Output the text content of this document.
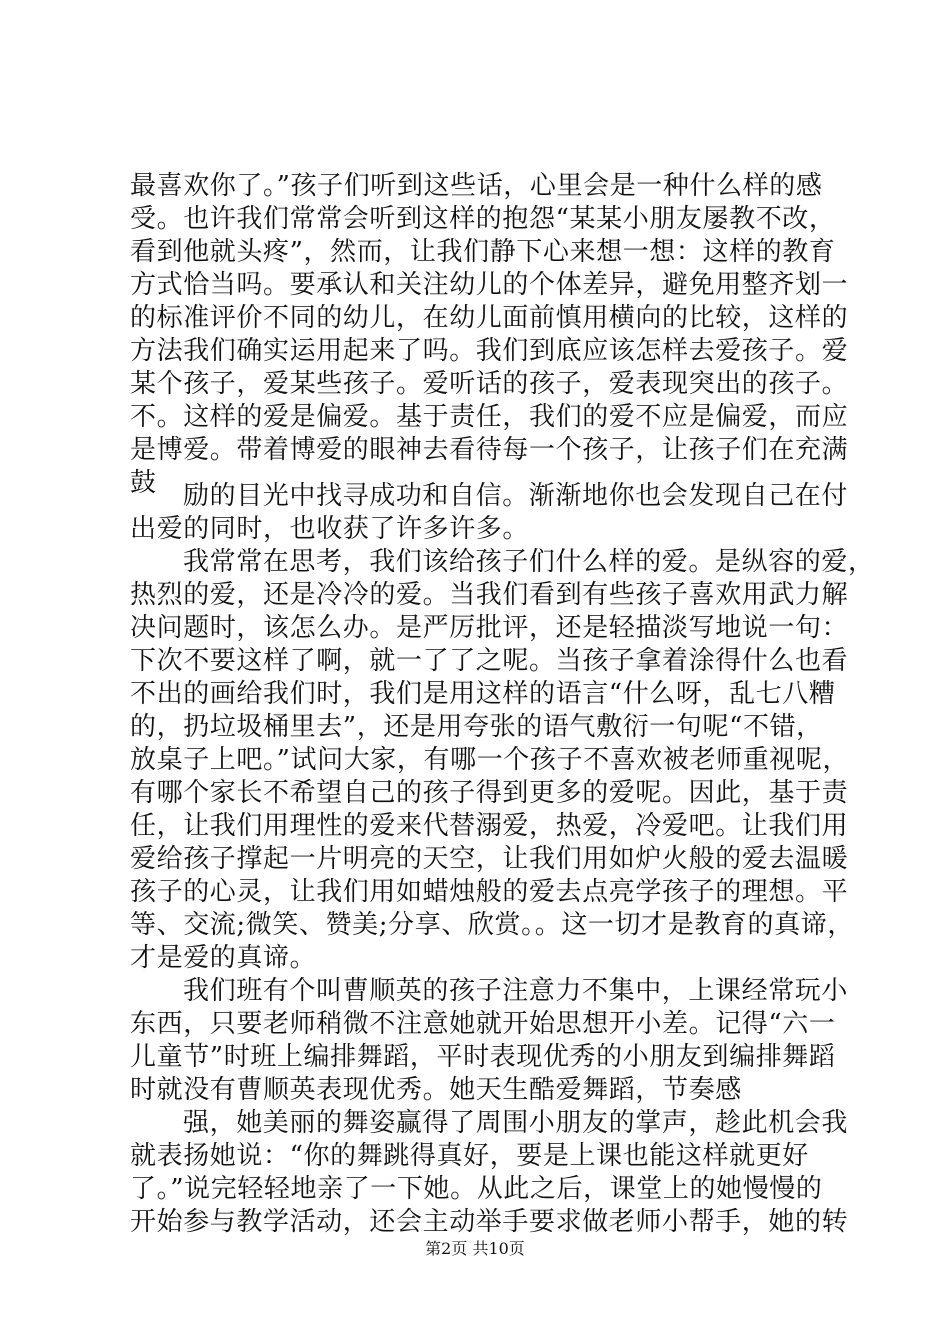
最喜欢你了。”孩子们听到这些话，心里会是一种什么样的感
受。也许我们常常会听到这样的抱怨“某某小朋友屡教不改，
看到他就头疼”，然而，让我们静下心来想一想：这样的教育
方式恰当吗。要承认和关注幼儿的个体差异，避免用整齐划一
的标准评价不同的幼儿，在幼儿面前慎用横向的比较，这样的
方法我们确实运用起来了吗。我们到底应该怎样去爱孩子。爱
某个孩子，爱某些孩子。爱听话的孩子，爱表现突出的孩子。
不。这样的爱是偏爱。基于责任，我们的爱不应是偏爱，而应
是博爱。带着博爱的眼神去看待每一个孩子，让孩子们在充满
鼓	励的目光中找寻成功和自信。渐渐地你也会发现自己在付
出爱的同时，也收获了许多许多。
我常常在思考，我们该给孩子们什么样的爱。是纵容的爱，
热烈的爱，还是冷冷的爱。当我们看到有些孩子喜欢用武力解
决问题时，该怎么办。是严厉批评，还是轻描淡写地说一句：
下次不要这样了啊，就一了了之呢。当孩子拿着涂得什么也看
不出的画给我们时，我们是用这样的语言“什么呀，乱七八糟
的，扔垃圾桶里去”，还是用夸张的语气敷衍一句呢“不错，
放桌子上吧。”试问大家，有哪一个孩子不喜欢被老师重视呢，
有哪个家长不希望自己的孩子得到更多的爱呢。因此，基于责
任，让我们用理性的爱来代替溺爱，热爱，冷爱吧。让我们用
爱给孩子撑起一片明亮的天空，让我们用如炉火般的爱去温暖
孩子的心灵，让我们用如蜡烛般的爱去点亮学孩子的理想。平
等、交流;微笑、赞美;分享、欣赏。。这一切才是教育的真谛，
才是爱的真谛。
我们班有个叫曹顺英的孩子注意力不集中，上课经常玩小
东西，只要老师稍微不注意她就开始思想开小差。记得“六一
儿童节”时班上编排舞蹈，平时表现优秀的小朋友到编排舞蹈
时就没有曹顺英表现优秀。她天生酷爱舞蹈，节奏感
强，她美丽的舞姿赢得了周围小朋友的掌声，趁此机会我
就表扬她说：“你的舞跳得真好，要是上课也能这样就更好
了。”说完轻轻地亲了一下她。从此之后，课堂上的她慢慢的
开始参与教学活动，还会主动举手要求做老师小帮手，她的转
第2页 共10页
